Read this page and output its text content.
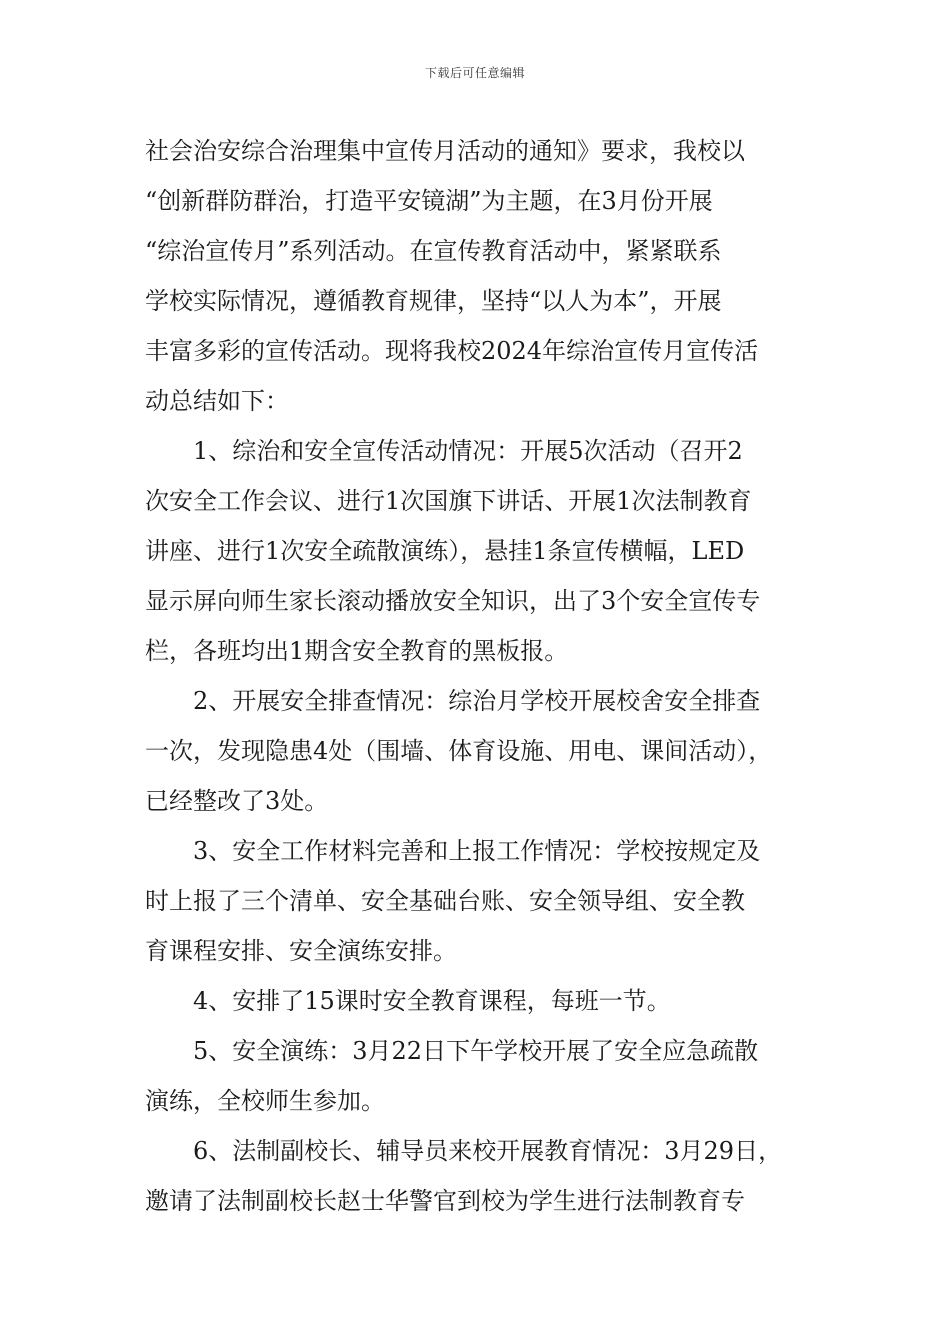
下载后可任意编辑

社会治安综合治理集中宣传月活动的通知》要求，我校以
“创新群防群治，打造平安镜湖”为主题，在3月份开展
“综治宣传月”系列活动。在宣传教育活动中，紧紧联系
学校实际情况，遵循教育规律，坚持“以人为本”，开展
丰富多彩的宣传活动。现将我校2024年综治宣传月宣传活
动总结如下：

1、综治和安全宣传活动情况：开展5次活动（召开2
次安全工作会议、进行1次国旗下讲话、开展1次法制教育
讲座、进行1次安全疏散演练），悬挂1条宣传横幅，LED
显示屏向师生家长滚动播放安全知识，出了3个安全宣传专
栏，各班均出1期含安全教育的黑板报。

2、开展安全排查情况：综治月学校开展校舍安全排查
一次，发现隐患4处（围墙、体育设施、用电、课间活动），
已经整改了3处。

3、安全工作材料完善和上报工作情况：学校按规定及
时上报了三个清单、安全基础台账、安全领导组、安全教
育课程安排、安全演练安排。

4、安排了15课时安全教育课程，每班一节。

5、安全演练：3月22日下午学校开展了安全应急疏散
演练，全校师生参加。

6、法制副校长、辅导员来校开展教育情况：3月29日，
邀请了法制副校长赵士华警官到校为学生进行法制教育专
